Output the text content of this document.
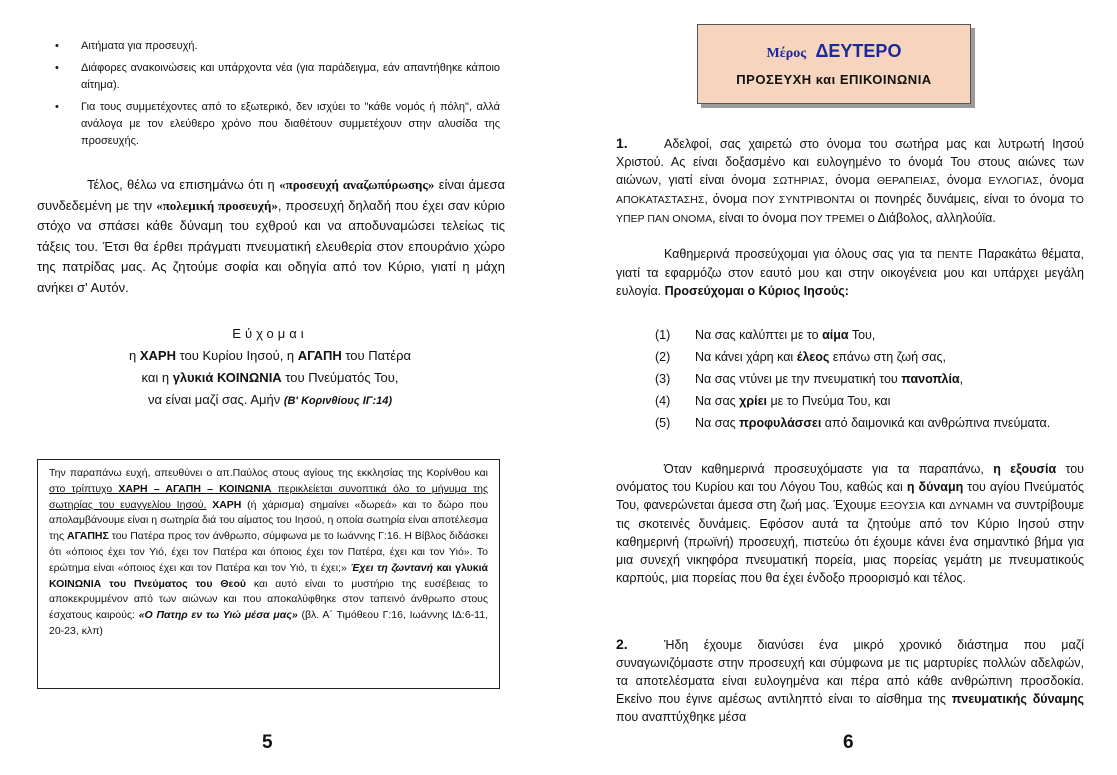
• Αιτήματα για προσευχή.
• Διάφορες ανακοινώσεις και υπάρχοντα νέα (για παράδειγμα, εάν απαντήθηκε κάποιο αίτημα).
• Για τους συμμετέχοντες από το εξωτερικό, δεν ισχύει το "κάθε νομός ή πόλη", αλλά ανάλογα με τον ελεύθερο χρόνο που διαθέτουν συμμετέχουν στην αλυσίδα της προσευχής.

Τέλος, θέλω να επισημάνω ότι η «προσευχή αναζωπύρωσης» είναι άμεσα συνδεδεμένη με την «πολεμική προσευχή», προσευχή δηλαδή που έχει σαν κύριο στόχο να σπάσει κάθε δύναμη του εχθρού και να αποδυναμώσει τελείως τις τάξεις του. Έτσι θα έρθει πράγματι πνευματική ελευθερία στον επουράνιο χώρο της πατρίδας μας. Ας ζητούμε σοφία και οδηγία από τον Κύριο, γιατί η μάχη ανήκει σ' Αυτόν.

Εύχομαι
η ΧΑΡΗ του Κυρίου Ιησού, η ΑΓΑΠΗ του Πατέρα
και η γλυκιά ΚΟΙΝΩΝΙΑ του Πνεύματός Του,
να είναι μαζί σας. Αμήν (Β' Κορινθίους ΙΓ:14)
Την παραπάνω ευχή, απευθύνει ο απ.Παύλος στους αγίους της εκκλησίας της Κορίνθου και στο τρίπτυχο ΧΑΡΗ – ΑΓΑΠΗ – ΚΟΙΝΩΝΙΑ περικλείεται συνοπτικά όλο το μήνυμα της σωτηρίας του ευαγγελίου Ιησού. ΧΑΡΗ (ή χάρισμα) σημαίνει «δωρεά» και το δώρο που απολαμβάνουμε είναι η σωτηρία διά του αίματος του Ιησού, η οποία σωτηρία είναι αποτέλεσμα της ΑΓΑΠΗΣ του Πατέρα προς τον άνθρωπο, σύμφωνα με το Ιωάννης Γ:16. Η Βίβλος διδάσκει ότι «όποιος έχει τον Υιό, έχει τον Πατέρα και όποιος έχει τον Πατέρα, έχει και τον Υιό». Το ερώτημα είναι «όποιος έχει και τον Πατέρα και τον Υιό, τι έχει;» Έχει τη ζωντανή και γλυκιά ΚΟΙΝΩΝΙΑ του Πνεύματος του Θεού και αυτό είναι το μυστήριο της ευσέβειας το αποκεκρυμμένον από των αιώνων και που αποκαλύφθηκε στον ταπεινό άνθρωπο στους έσχατους καιρούς: «Ο Πατηρ εν τω Υιώ μέσα μας» (βλ. Α΄ Τιμόθεου Γ:16, Ιωάννης ΙΔ:6-11, 20-23, κλπ)
5
Μέρος ΔΕΥΤΕΡΟ
ΠΡΟΣΕΥΧΗ και ΕΠΙΚΟΙΝΩΝΙΑ

1.	Αδελφοί, σας χαιρετώ στο όνομα του σωτήρα μας και λυτρωτή Ιησού Χριστού. Ας είναι δοξασμένο και ευλογημένο το όνομά Του στους αιώνες των αιώνων, γιατί είναι όνομα ΣΩΤΗΡΙΑΣ, όνομα ΘΕΡΑΠΕΙΑΣ, όνομα ΕΥΛΟΓΙΑΣ, όνομα ΑΠΟΚΑΤΑΣΤΑΣΗΣ, όνομα ΠΟΥ ΣΥΝΤΡΙΒΟΝΤΑΙ οι πονηρές δυνάμεις, είναι το όνομα ΤΟ ΥΠΕΡ ΠΑΝ ΟΝΟΜΑ, είναι το όνομα ΠΟΥ ΤΡΕΜΕΙ ο Διάβολος, αλληλούϊα.

Καθημερινά προσεύχομαι για όλους σας για τα ΠΕΝΤΕ Παρακάτω θέματα, γιατί τα εφαρμόζω στον εαυτό μου και στην οικογένεια μου και υπάρχει μεγάλη ευλογία. Προσεύχομαι ο Κύριος Ιησούς:

(1) Να σας καλύπτει με το αίμα Του,
(2) Να κάνει χάρη και έλεος επάνω στη ζωή σας,
(3) Να σας ντύνει με την πνευματική του πανοπλία,
(4) Να σας χρίει με το Πνεύμα Του, και
(5) Να σας προφυλάσσει από δαιμονικά και ανθρώπινα πνεύματα.

Όταν καθημερινά προσευχόμαστε για τα παραπάνω, η εξουσία του ονόματος του Κυρίου και του Λόγου Του, καθώς και η δύναμη του αγίου Πνεύματός Του, φανερώνεται άμεσα στη ζωή μας. Έχουμε ΕΞΟΥΣΙΑ και ΔΥΝΑΜΗ να συντρίβουμε τις σκοτεινές δυνάμεις. Εφόσον αυτά τα ζητούμε από τον Κύριο Ιησού στην καθημερινή (πρωϊνή) προσευχή, πιστεύω ότι έχουμε κάνει ένα σημαντικό βήμα για μια συνεχή νικηφόρα πνευματική πορεία, μιας πορείας γεμάτη με πνευματικούς καρπούς, μια πορείας που θα έχει ένδοξο προορισμό και τέλος.

2.	Ήδη έχουμε διανύσει ένα μικρό χρονικό διάστημα που μαζί συναγωνιζόμαστε στην προσευχή και σύμφωνα με τις μαρτυρίες πολλών αδελφών, τα αποτελέσματα είναι ευλογημένα και πέρα από κάθε ανθρώπινη προσδοκία. Εκείνο που έγινε αμέσως αντιληπτό είναι το αίσθημα της πνευματικής δύναμης που αναπτύχθηκε μέσα

6
